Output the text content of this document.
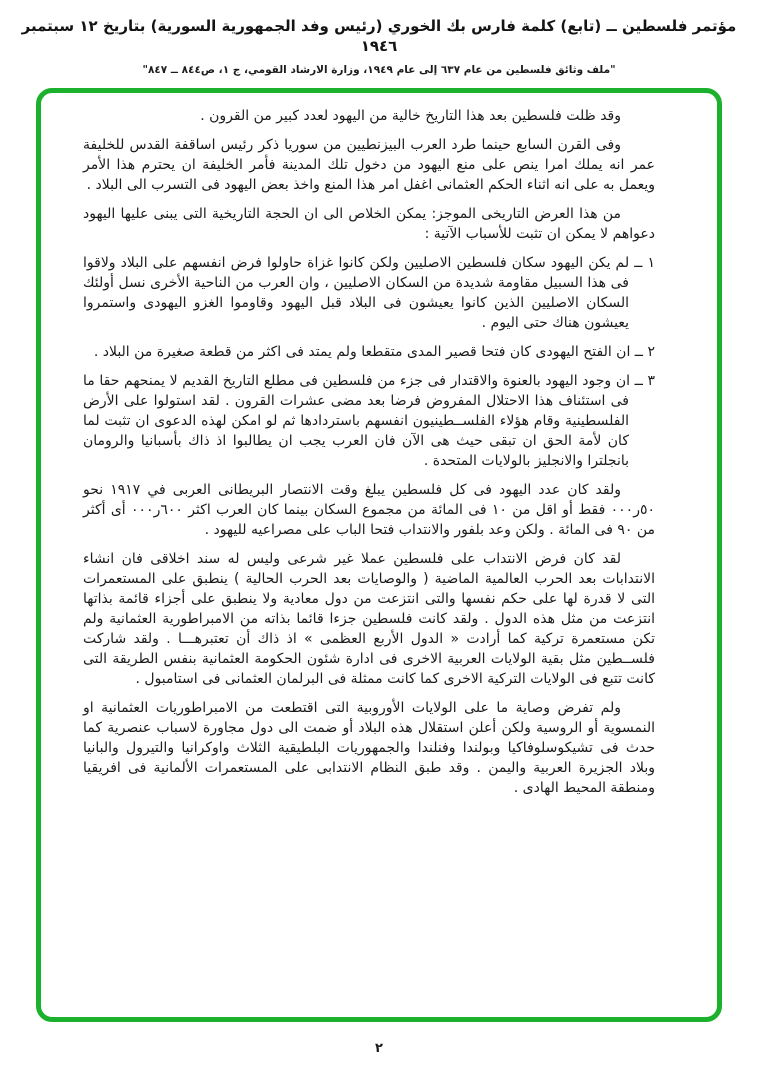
مؤتمر فلسطين ــ (تابع) كلمة فارس بك الخوري (رئيس وفد الجمهورية السورية) بتاريخ ١٢ سبتمبر ١٩٤٦
"ملف وثائق فلسطين من عام ٦٣٧ إلى عام ١٩٤٩، وزارة الارشاد القومي، ج ١، ص٨٤٤ ــ ٨٤٧"

وقد ظلت فلسطين بعد هذا التاريخ خالية من اليهود لعدد كبير من القرون .

وفى القرن السابع حينما طرد العرب البيزنطيين من سوريا ذكر رئيس اساقفة القدس للخليفة عمر انه يملك امرا ينص على منع اليهود من دخول تلك المدينة فأمر الخليفة ان يحترم هذا الأمر ويعمل به على انه اثناء الحكم العثمانى اغفل امر هذا المنع واخذ بعض اليهود فى التسرب الى البلاد .

من هذا العرض التاريخى الموجز: يمكن الخلاص الى ان الحجة التاريخية التى يبنى عليها اليهود دعواهم لا يمكن ان تثبت للأسباب الآتية :

١ ــ لم يكن اليهود سكان فلسطين الاصليين ولكن كانوا غزاة حاولوا فرض انفسهم على البلاد ولاقوا فى هذا السبيل مقاومة شديدة من السكان الاصليين ، وان العرب من الناحية الأخرى نسل أولئك السكان الاصليين الذين كانوا يعيشون فى البلاد قبل اليهود وقاوموا الغزو اليهودى واستمروا يعيشون هناك حتى اليوم .

٢ ــ ان الفتح اليهودى كان فتحا قصير المدى متقطعا ولم يمتد فى اكثر من قطعة صغيرة من البلاد .

٣ ــ ان وجود اليهود بالعنوة والاقتدار فى جزء من فلسطين فى مطلع التاريخ القديم لا يمنحهم حقا ما فى استئناف هذا الاحتلال المفروض فرضا بعد مضى عشرات القرون . لقد استولوا على الأرض الفلسطينية وقام هؤلاء الفلســطينيون انفسهم باستردادها ثم لو امكن لهذه الدعوى ان تثبت لما كان لأمة الحق ان تبقى حيث هى الآن فان العرب يجب ان يطالبوا اذ ذاك بأسبانيا والرومان بانجلترا والانجليز بالولايات المتحدة .

ولقد كان عدد اليهود فى كل فلسطين يبلغ وقت الانتصار البريطانى العربى في ١٩١٧ نحو ٥٠ر٠٠٠ فقط أو اقل من ١٠ فى المائة من مجموع السكان بينما كان العرب اكثر ٦٠٠ر٠٠٠ أى أكثر من ٩٠ فى المائة . ولكن وعد بلفور والانتداب فتحا الباب على مصراعيه لليهود .

لقد كان فرض الانتداب على فلسطين عملا غير شرعى وليس له سند اخلاقى فان انشاء الانتدابات بعد الحرب العالمية الماضية ( والوصايات بعد الحرب الحالية ) ينطبق على المستعمرات التى لا قدرة لها على حكم نفسها والتى انتزعت من دول معادية ولا ينطبق على أجزاء قائمة بذاتها انتزعت من مثل هذه الدول . ولقد كانت فلسطين جزءا قائما بذاته من الامبراطورية العثمانية ولم تكن مستعمرة تركية كما أرادت « الدول الأربع العظمى » اذ ذاك أن تعتبرهـــا . ولقد شاركت فلســطين مثل بقية الولايات العربية الاخرى فى ادارة شئون الحكومة العثمانية بنفس الطريقة التى كانت تتبع فى الولايات التركية الاخرى كما كانت ممثلة فى البرلمان العثمانى فى استامبول .

ولم تفرض وصاية ما على الولايات الأوروبية التى اقتطعت من الامبراطوريات العثمانية او النمسوية أو الروسية ولكن أعلن استقلال هذه البلاد أو ضمت الى دول مجاورة لاسباب عنصرية كما حدث فى تشيكوسلوفاكيا وبولندا وفنلندا والجمهوريات البلطيقية الثلاث واوكرانيا والتيرول والبانيا وبلاد الجزيرة العربية واليمن . وقد طبق النظام الانتدابى على المستعمرات الألمانية فى افريقيا ومنطقة المحيط الهادى .

٢
